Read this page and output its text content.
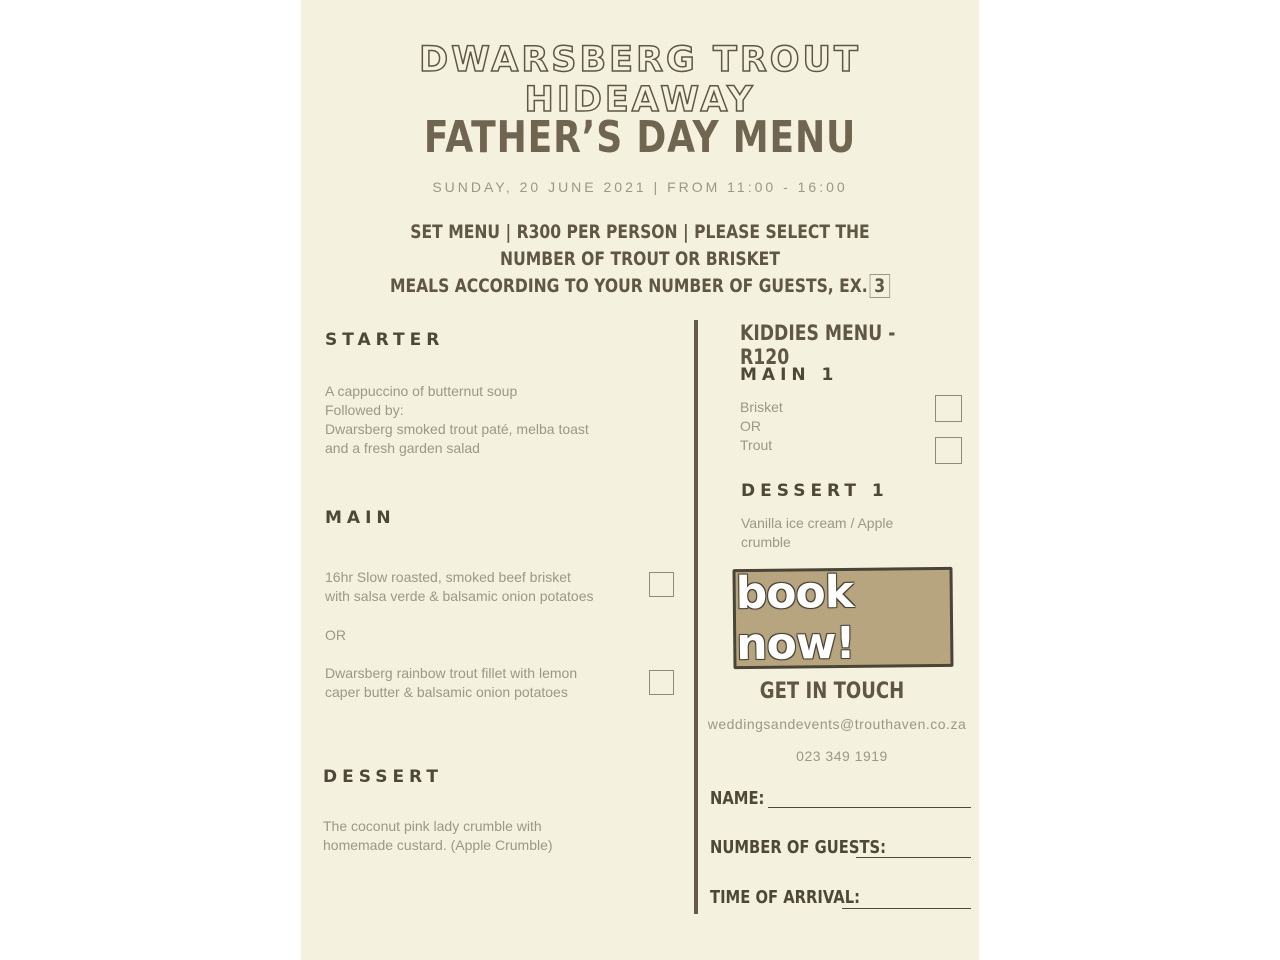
DWARSBERG TROUT HIDEAWAY
FATHER’S DAY MENU
SUNDAY, 20 JUNE 2021 | FROM 11:00 - 16:00
SET MENU | R300 PER PERSON | PLEASE SELECT THE NUMBER OF TROUT OR BRISKET
MEALS ACCORDING TO YOUR NUMBER OF GUESTS, EX. 3
STARTER
A cappuccino of butternut soup
Followed by:
Dwarsberg smoked trout paté, melba toast
and a fresh garden salad
MAIN
16hr Slow roasted, smoked beef brisket
with salsa verde & balsamic onion potatoes
OR
Dwarsberg rainbow trout fillet with lemon
caper butter & balsamic onion potatoes
DESSERT
The coconut pink lady crumble with
homemade custard. (Apple Crumble)
KIDDIES MENU - R120
MAIN 1
Brisket
OR
Trout
DESSERT 1
Vanilla ice cream / Apple
crumble
book now!
GET IN TOUCH
weddingsandevents@trouthaven.co.za
023 349 1919
NAME:
NUMBER OF GUESTS:
TIME OF ARRIVAL:
